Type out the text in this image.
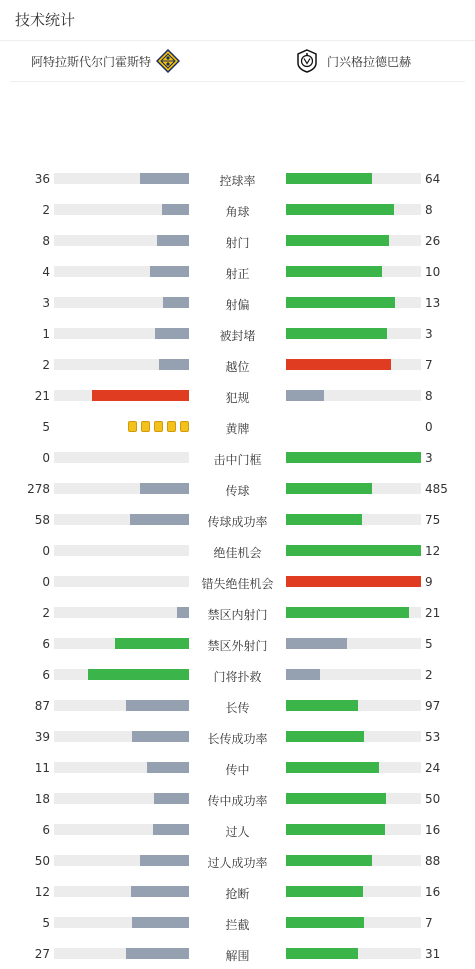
技术统计
阿特拉斯代尔门霍斯特	门兴格拉德巴赫
36	控球率	64
2	角球	8
8	射门	26
4	射正	10
3	射偏	13
1	被封堵	3
2	越位	7
21	犯规	8
5	黄牌	0
0	击中门框	3
278	传球	485
58	传球成功率	75
0	绝佳机会	12
0	错失绝佳机会	9
2	禁区内射门	21
6	禁区外射门	5
6	门将扑救	2
87	长传	97
39	长传成功率	53
11	传中	24
18	传中成功率	50
6	过人	16
50	过人成功率	88
12	抢断	16
5	拦截	7
27	解围	31
